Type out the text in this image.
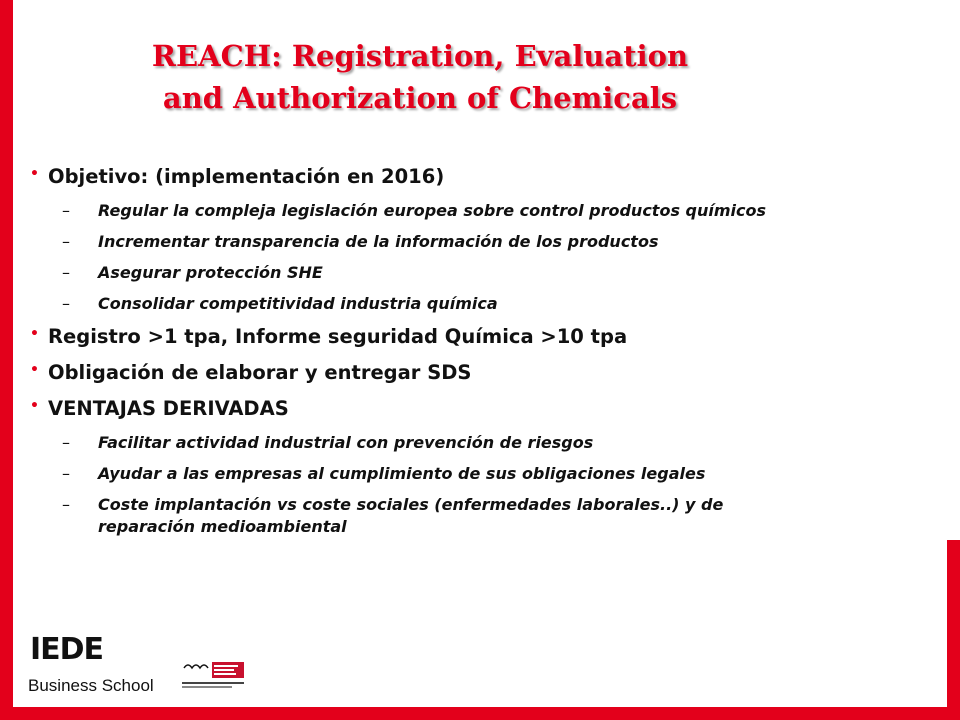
REACH: Registration, Evaluation
and Authorization of Chemicals
• Objetivo: (implementación en 2016)
– Regular la compleja legislación europea sobre control productos químicos
– Incrementar transparencia de la información de los productos
– Asegurar protección SHE
– Consolidar competitividad industria química
• Registro >1 tpa, Informe seguridad Química >10 tpa
• Obligación de elaborar y entregar SDS
• VENTAJAS DERIVADAS
– Facilitar actividad industrial con prevención de riesgos
– Ayudar a las empresas al cumplimiento de sus obligaciones legales
– Coste implantación vs coste sociales (enfermedades laborales..) y de reparación medioambiental
IEDE
Business School
